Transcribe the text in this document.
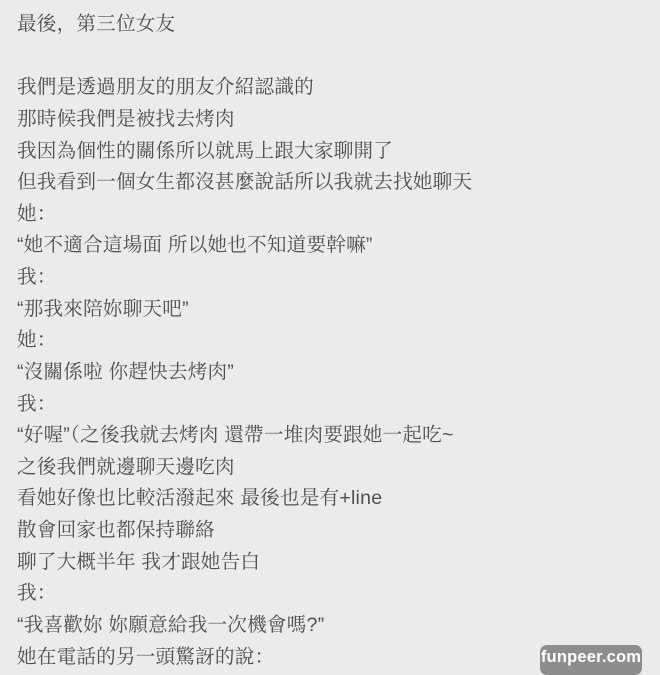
最後，第三位女友

我們是透過朋友的朋友介紹認識的
那時候我們是被找去烤肉
我因為個性的關係所以就馬上跟大家聊開了
但我看到一個女生都沒甚麼說話所以我就去找她聊天
她：
“她不適合這場面 所以她也不知道要幹嘛”
我：
“那我來陪妳聊天吧”
她：
“沒關係啦 你趕快去烤肉”
我：
“好喔”（之後我就去烤肉 還帶一堆肉要跟她一起吃~
之後我們就邊聊天邊吃肉
看她好像也比較活潑起來 最後也是有+line
散會回家也都保持聯絡
聊了大概半年 我才跟她告白
我：
“我喜歡妳 妳願意給我一次機會嗎?”
她在電話的另一頭驚訝的說：	funpeer.com
